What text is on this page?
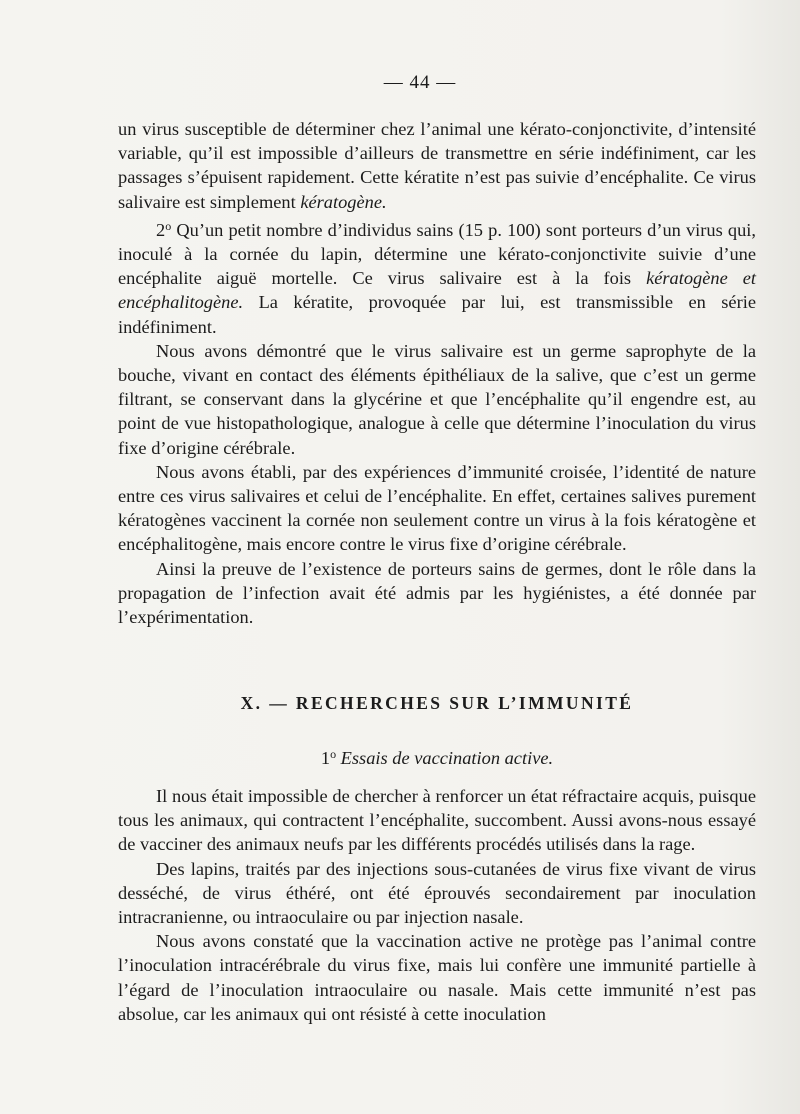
— 44 —

un virus susceptible de déterminer chez l’animal une kérato-conjonctivite, d’intensité variable, qu’il est impossible d’ailleurs de transmettre en série indéfiniment, car les passages s’épuisent rapidement. Cette kératite n’est pas suivie d’encéphalite. Ce virus salivaire est simplement kératogène.

2$^o$ Qu’un petit nombre d’individus sains (15 p. 100) sont porteurs d’un virus qui, inoculé à la cornée du lapin, détermine une kérato-conjonctivite suivie d’une encéphalite aiguë mortelle. Ce virus salivaire est à la fois kératogène et encéphalitogène. La kératite, provoquée par lui, est transmissible en série indéfiniment.

Nous avons démontré que le virus salivaire est un germe saprophyte de la bouche, vivant en contact des éléments épithéliaux de la salive, que c’est un germe filtrant, se conservant dans la glycérine et que l’encéphalite qu’il engendre est, au point de vue histopathologique, analogue à celle que détermine l’inoculation du virus fixe d’origine cérébrale.

Nous avons établi, par des expériences d’immunité croisée, l’identité de nature entre ces virus salivaires et celui de l’encéphalite. En effet, certaines salives purement kératogènes vaccinent la cornée non seulement contre un virus à la fois kératogène et encéphalitogène, mais encore contre le virus fixe d’origine cérébrale.

Ainsi la preuve de l’existence de porteurs sains de germes, dont le rôle dans la propagation de l’infection avait été admis par les hygiénistes, a été donnée par l’expérimentation.

X. — RECHERCHES SUR L’IMMUNITÉ
1$^o$ Essais de vaccination active.

Il nous était impossible de chercher à renforcer un état réfractaire acquis, puisque tous les animaux, qui contractent l’encéphalite, succombent. Aussi avons-nous essayé de vacciner des animaux neufs par les différents procédés utilisés dans la rage.

Des lapins, traités par des injections sous-cutanées de virus fixe vivant de virus desséché, de virus éthéré, ont été éprouvés secondairement par inoculation intracranienne, ou intraoculaire ou par injection nasale.

Nous avons constaté que la vaccination active ne protège pas l’animal contre l’inoculation intracérébrale du virus fixe, mais lui confère une immunité partielle à l’égard de l’inoculation intraoculaire ou nasale. Mais cette immunité n’est pas absolue, car les animaux qui ont résisté à cette inoculation
